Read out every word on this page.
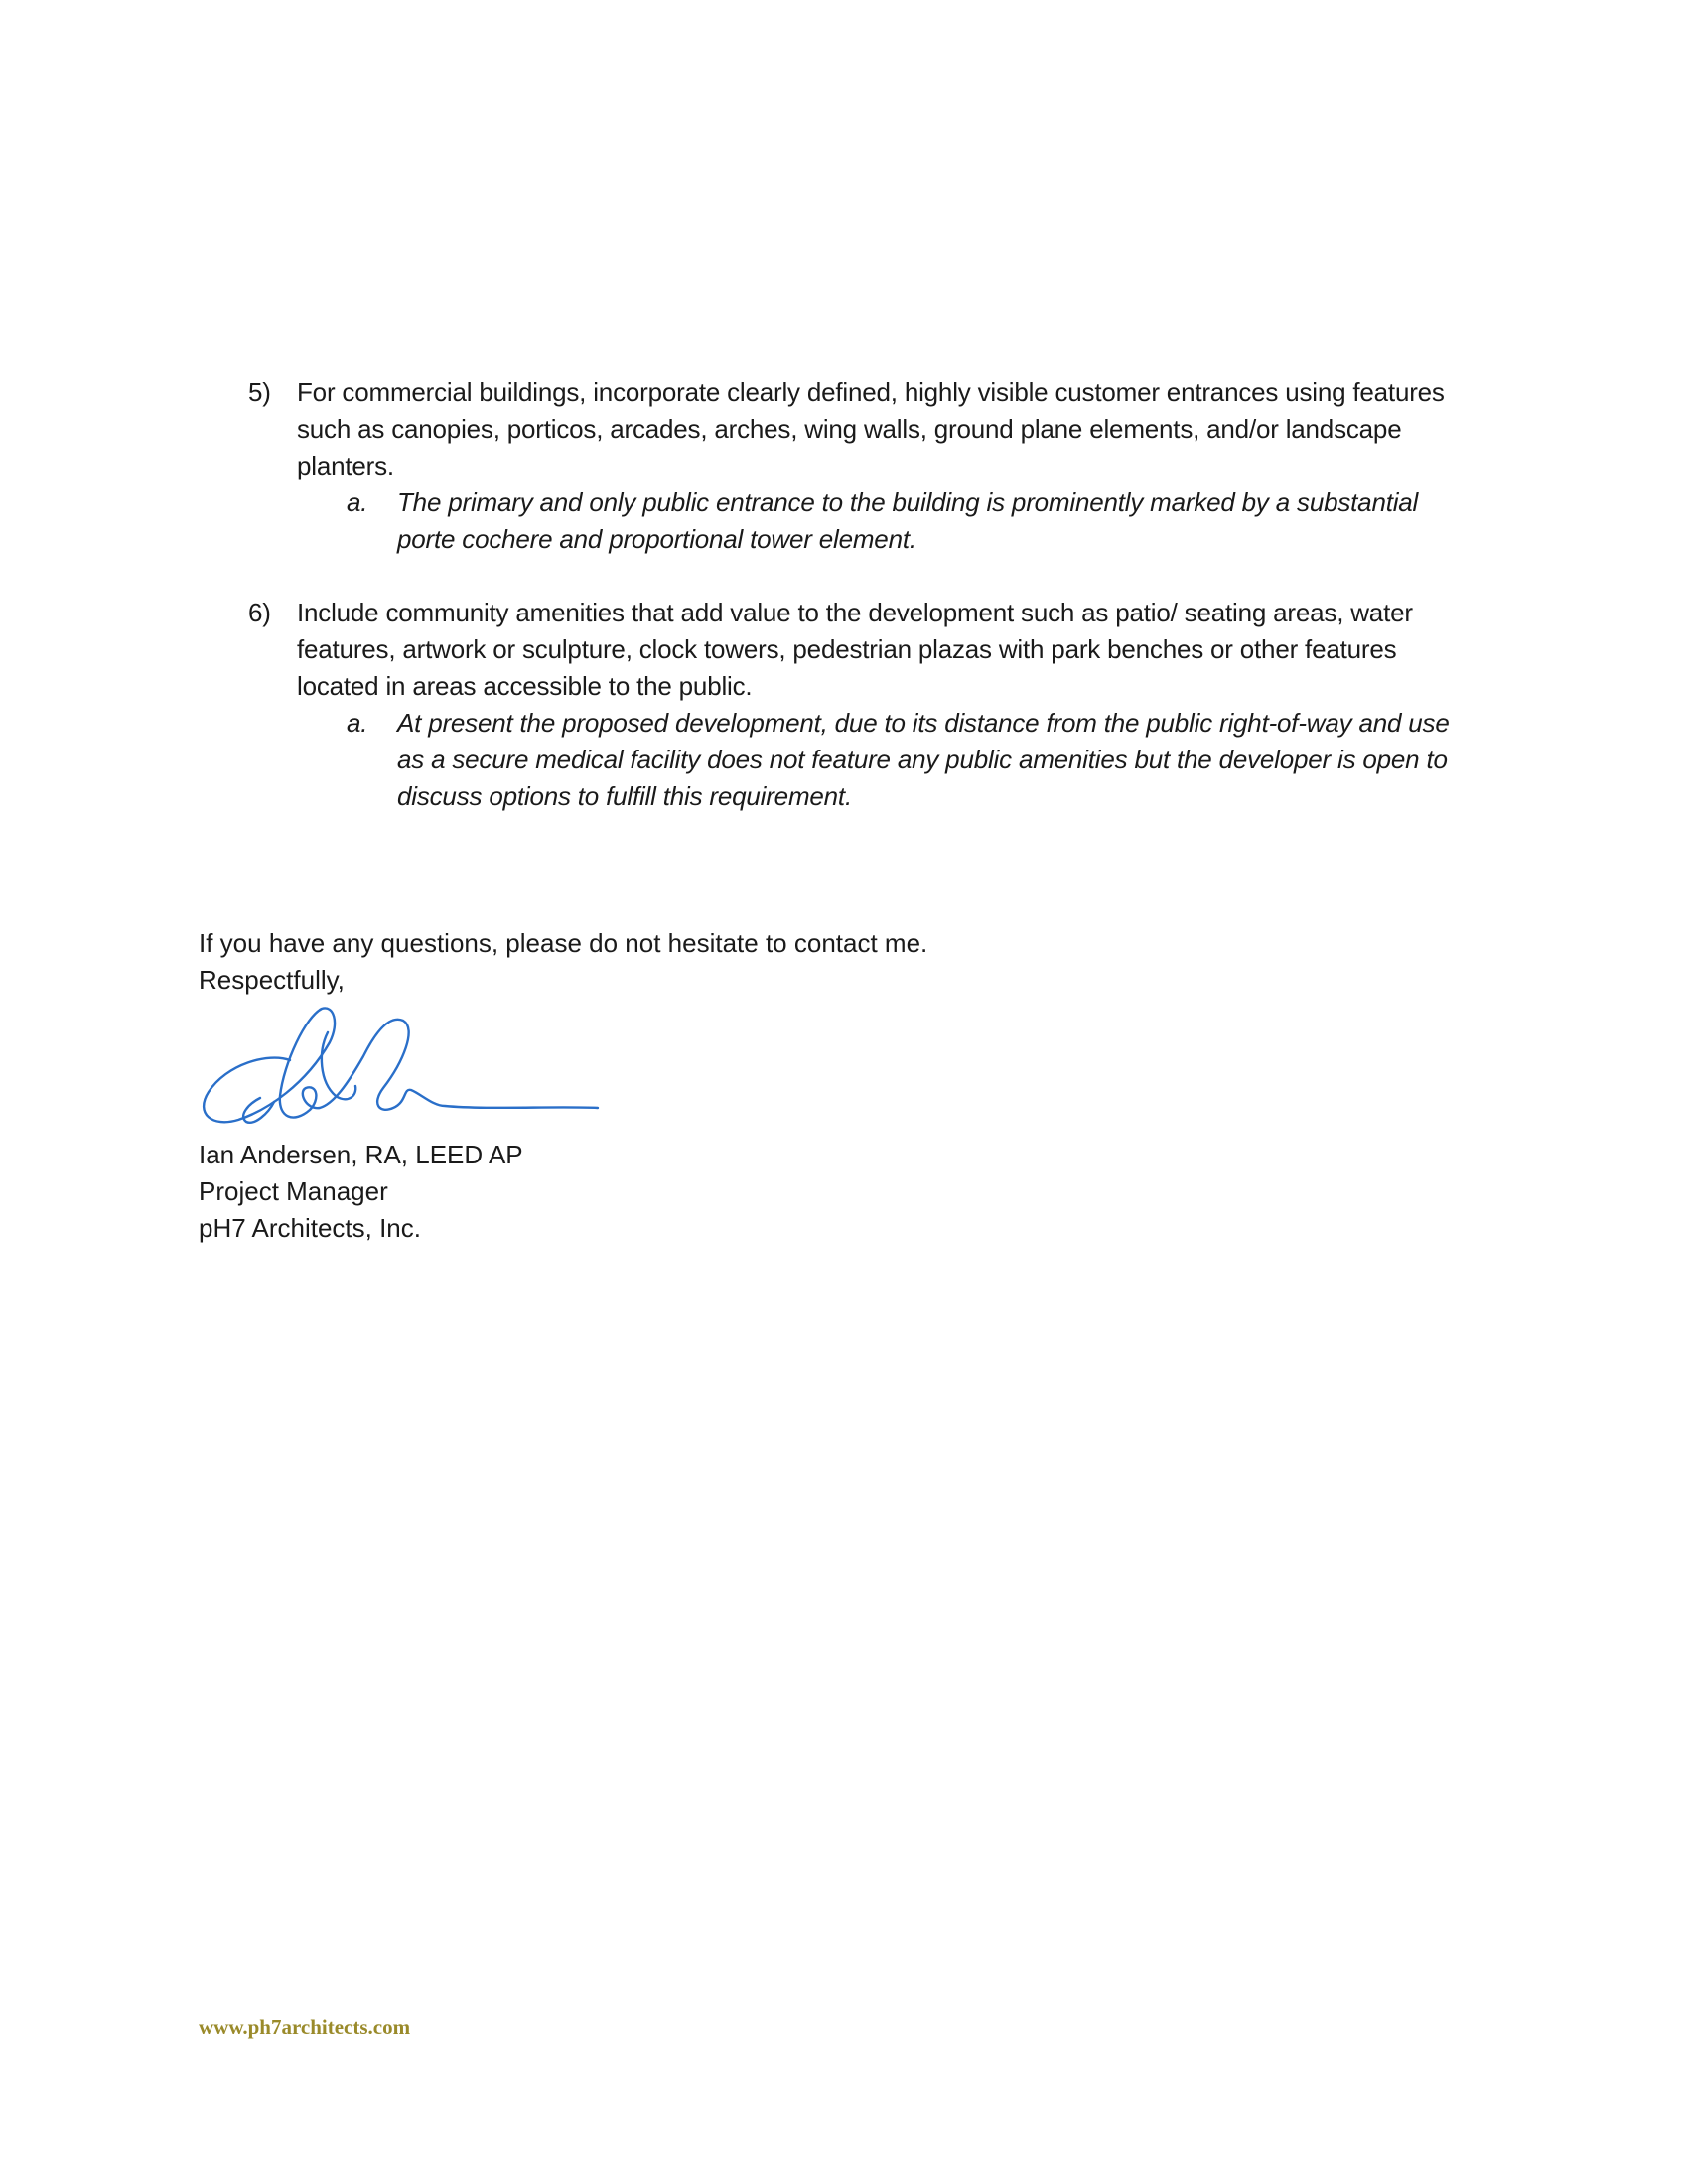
5)	For commercial buildings, incorporate clearly defined, highly visible customer entrances using features such as canopies, porticos, arcades, arches, wing walls, ground plane elements, and/or landscape planters.
a. The primary and only public entrance to the building is prominently marked by a substantial porte cochere and proportional tower element.
6)	Include community amenities that add value to the development such as patio/ seating areas, water features, artwork or sculpture, clock towers, pedestrian plazas with park benches or other features located in areas accessible to the public.
a. At present the proposed development, due to its distance from the public right-of-way and use as a secure medical facility does not feature any public amenities but the developer is open to discuss options to fulfill this requirement.
If you have any questions, please do not hesitate to contact me.
Respectfully,
Ian Andersen, RA, LEED AP
Project Manager
pH7 Architects, Inc.
www.ph7architects.com
